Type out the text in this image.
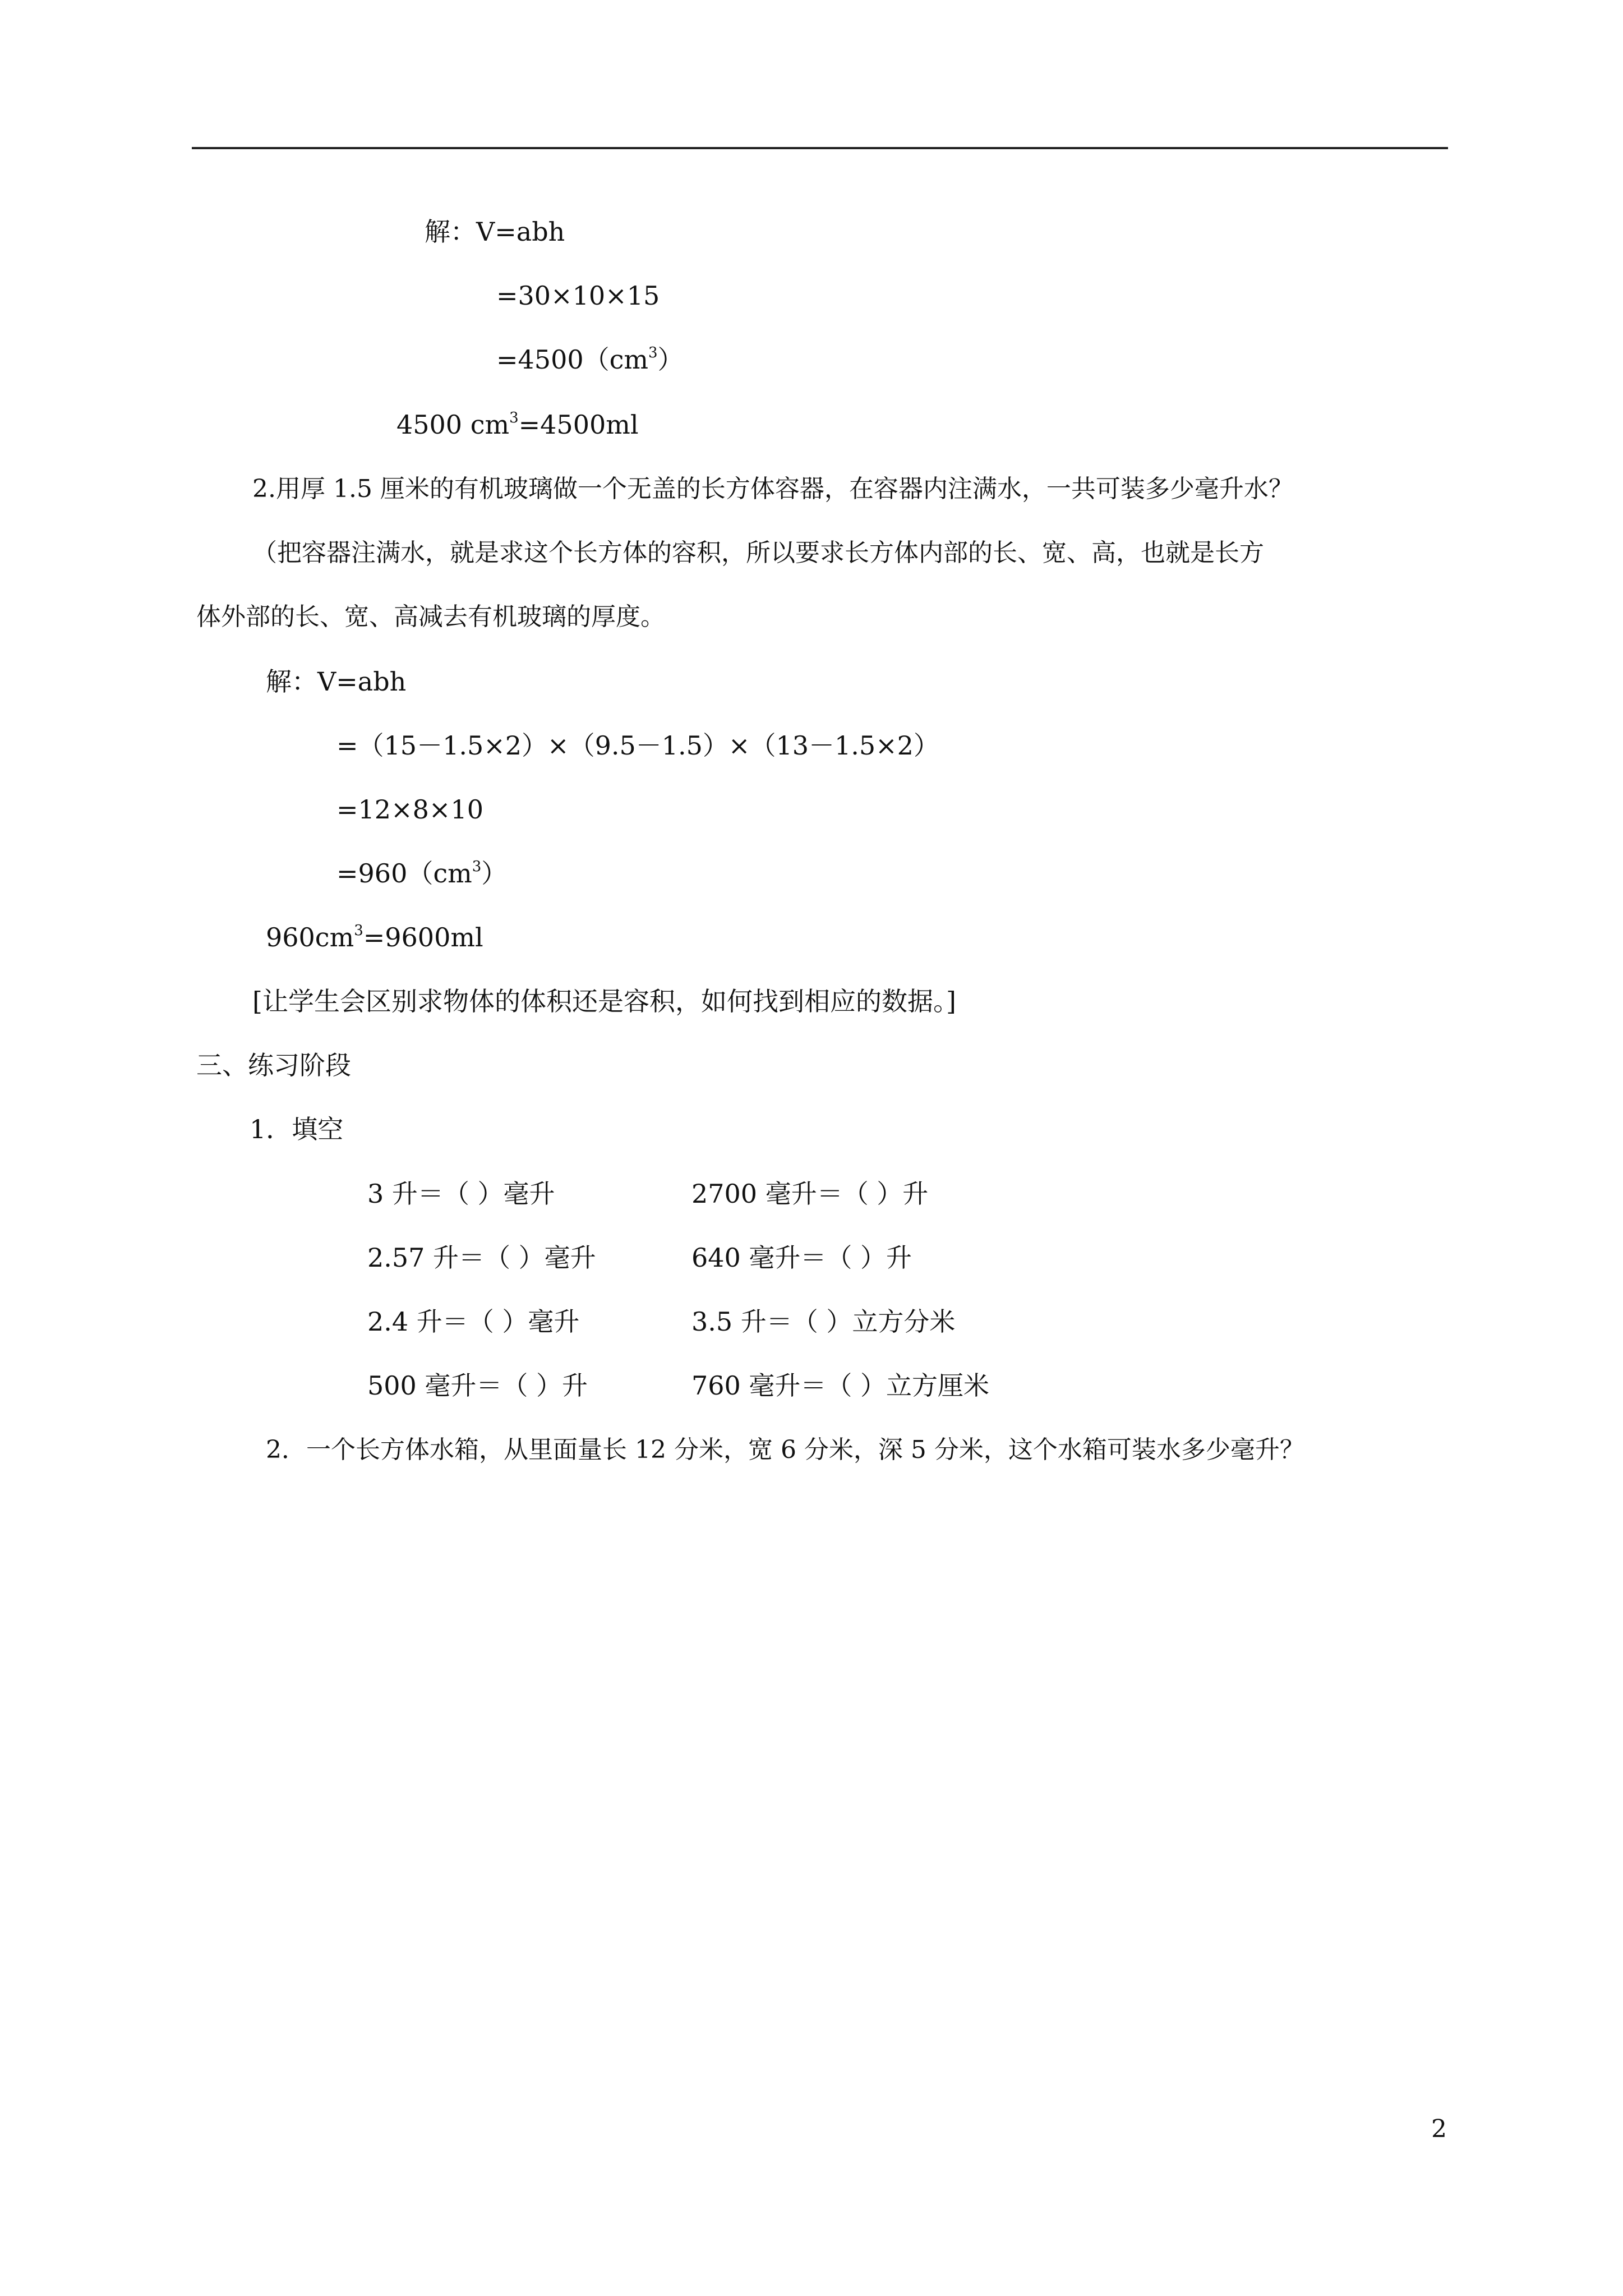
解：V=abh
=30×10×15
$=4500(cm^3)$
4500 $cm^3=4500ml$
2.用厚 1.5 厘米的有机玻璃做一个无盖的长方体容器，在容器内注满水，一共可装多少毫升水？
（把容器注满水，就是求这个长方体的容积，所以要求长方体内部的长、宽、高，也就是长方
体外部的长、宽、高减去有机玻璃的厚度。
解：V=abh
=（15－1.5×2）×（9.5－1.5）×（13－1.5×2）
=12×8×10
$=960(cm^3)$
$960cm^3=9600ml$
[让学生会区别求物体的体积还是容积，如何找到相应的数据。]
三、练习阶段
1．填空
3 升＝（ ）毫升	2700 毫升＝（ ）升
2.57 升＝（ ）毫升	640 毫升＝（ ）升
2.4 升＝（ ）毫升	3.5 升＝（ ）立方分米
500 毫升＝（ ）升	760 毫升＝（ ）立方厘米
2．一个长方体水箱，从里面量长 12 分米，宽 6 分米，深 5 分米，这个水箱可装水多少毫升？
2
